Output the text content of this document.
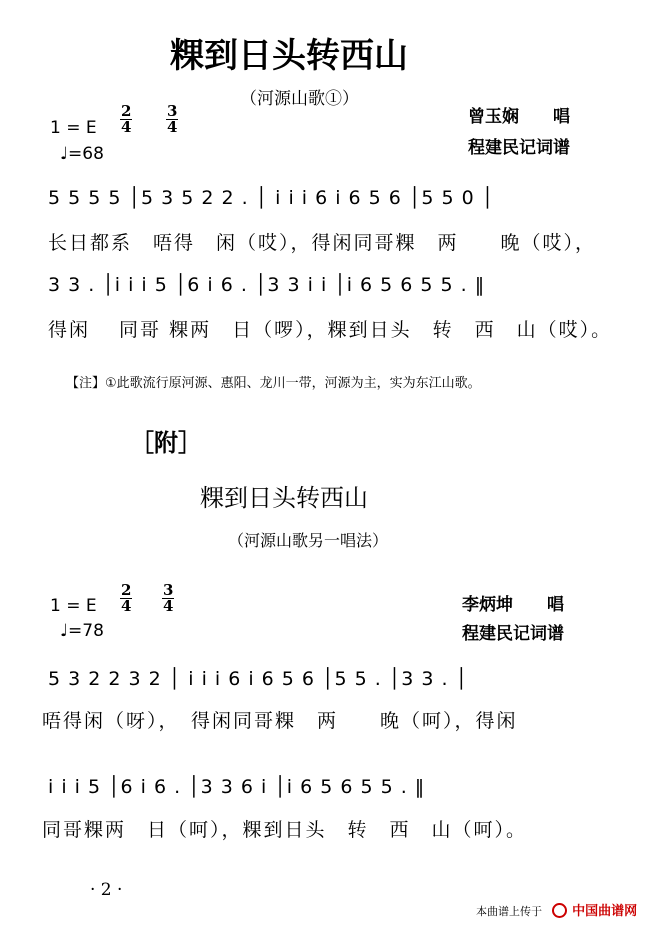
粿到日头转西山
（河源山歌①）
1 = E $\frac{2}{4} \frac{3}{4}$
♩=68
曾玉娴　　唱
程建民记词谱
5 5 5 5 │5 3 5 2 2 . │ i i i 6 i 6 5 6 │5 5 0 │
长日都系　唔得　闲（哎），得闲同哥粿　两　　晚（哎），
3 3 . │i i i 5 │6 i 6 . │3 3 i i │i 6 5 6 5 5 . ‖
得闲　 同哥 粿两　日（啰），粿到日头　转　西　山（哎）。
【注】①此歌流行原河源、惠阳、龙川一带，河源为主，实为东江山歌。
［附］
粿到日头转西山
（河源山歌另一唱法）
1 = E $\frac{2}{4} \frac{3}{4}$
♩=78
李炳坤　　唱
程建民记词谱
5 3 2 2 3 2 │ i i i 6 i 6 5 6 │5 5 . │3 3 . │
唔得闲（呀），　得闲同哥粿　两　　晚（呵），得闲
i i i 5 │6 i 6 . │3 3 6 i │i 6 5 6 5 5 . ‖
同哥粿两　日（呵），粿到日头　转　西　山（呵）。
· 2 ·
本曲谱上传于	中国曲谱网
